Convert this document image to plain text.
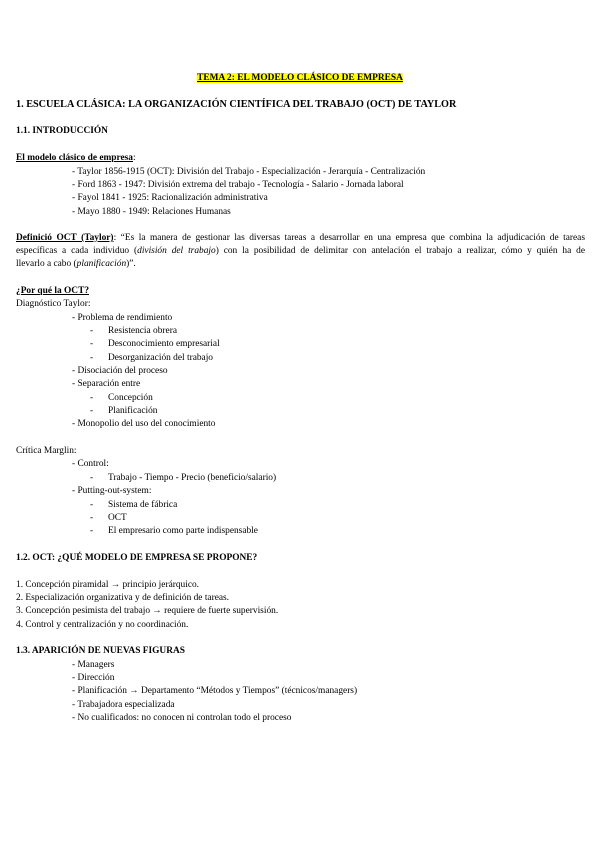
TEMA 2: EL MODELO CLÁSICO DE EMPRESA
1. ESCUELA CLÁSICA: LA ORGANIZACIÓN CIENTÍFICA DEL TRABAJO (OCT) DE TAYLOR
1.1. INTRODUCCIÓN
El modelo clásico de empresa:
- Taylor 1856-1915 (OCT): División del Trabajo - Especialización - Jerarquía - Centralización
- Ford 1863 - 1947: División extrema del trabajo - Tecnología - Salario - Jornada laboral
- Fayol 1841 - 1925: Racionalización administrativa
- Mayo 1880 - 1949: Relaciones Humanas
Definició OCT (Taylor): “Es la manera de gestionar las diversas tareas a desarrollar en una empresa que combina la adjudicación de tareas
específicas a cada individuo (división del trabajo) con la posibilidad de delimitar con antelación el trabajo a realizar, cómo y quién ha de
llevarlo a cabo (planificación)”.
¿Por qué la OCT?
Diagnóstico Taylor:
- Problema de rendimiento
- Resistencia obrera
- Desconocimiento empresarial
- Desorganización del trabajo
- Disociación del proceso
- Separación entre
- Concepción
- Planificación
- Monopolio del uso del conocimiento
Crítica Marglin:
- Control:
- Trabajo - Tiempo - Precio (beneficio/salario)
- Putting-out-system:
- Sistema de fábrica
- OCT
- El empresario como parte indispensable
1.2. OCT: ¿QUÉ MODELO DE EMPRESA SE PROPONE?
1. Concepción piramidal → principio jerárquico.
2. Especialización organizativa y de definición de tareas.
3. Concepción pesimista del trabajo → requiere de fuerte supervisión.
4. Control y centralización y no coordinación.
1.3. APARICIÓN DE NUEVAS FIGURAS
- Managers
- Dirección
- Planificación → Departamento “Métodos y Tiempos” (técnicos/managers)
- Trabajadora especializada
- No cualificados: no conocen ni controlan todo el proceso
